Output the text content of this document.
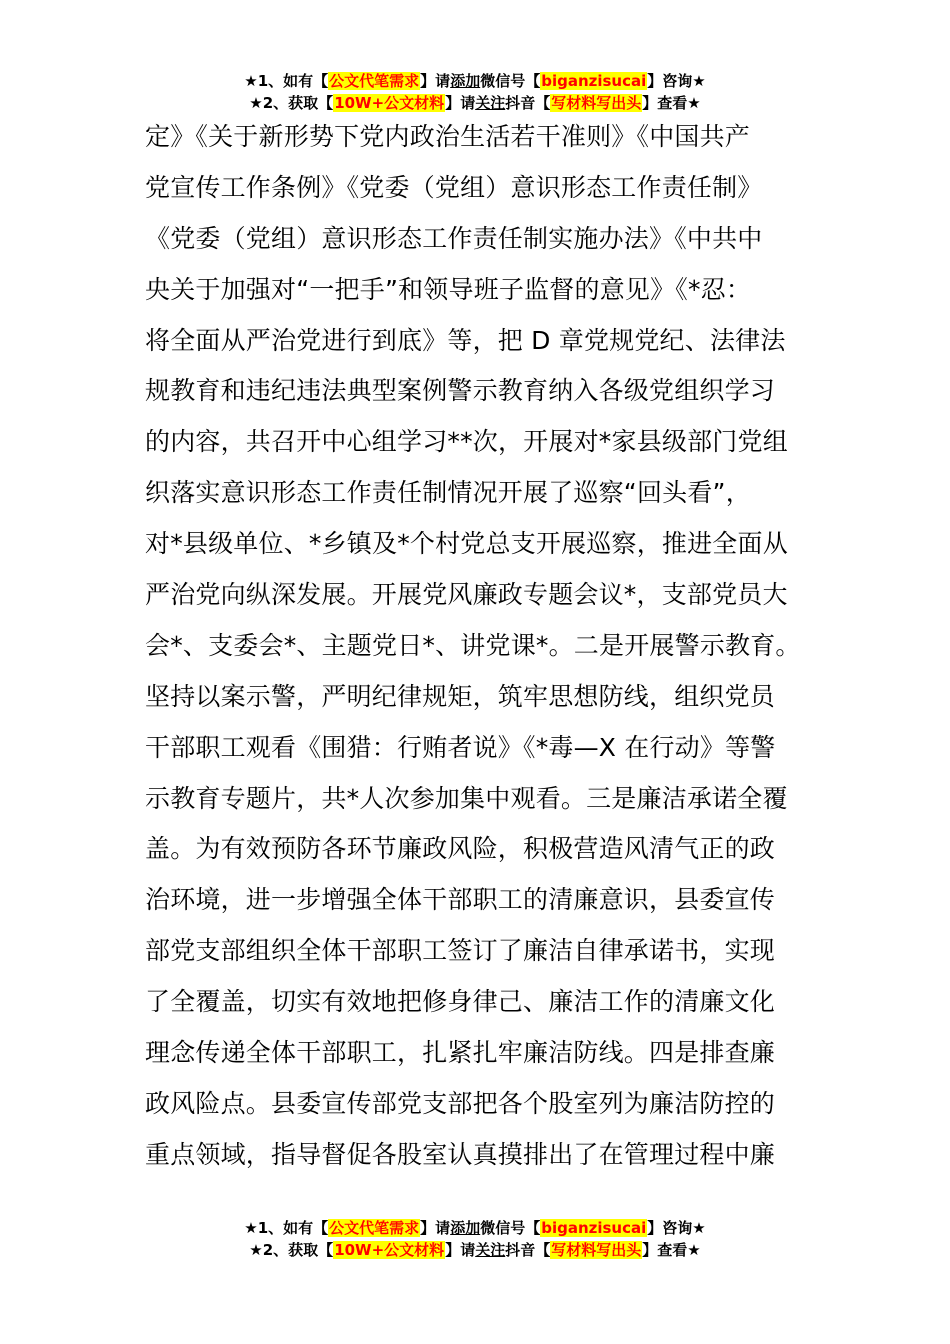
★1、如有【公文代笔需求】请添加微信号【biganzisucai】咨询★
★2、获取【10W+公文材料】请关注抖音【写材料写出头】查看★
定》《关于新形势下党内政治生活若干准则》《中国共产
党宣传工作条例》《党委（党组）意识形态工作责任制》
《党委（党组）意识形态工作责任制实施办法》《中共中
央关于加强对“一把手”和领导班子监督的意见》《*忍：
将全面从严治党进行到底》等，把 D 章党规党纪、法律法
规教育和违纪违法典型案例警示教育纳入各级党组织学习
的内容，共召开中心组学习**次，开展对*家县级部门党组
织落实意识形态工作责任制情况开展了巡察“回头看”，
对*县级单位、*乡镇及*个村党总支开展巡察，推进全面从
严治党向纵深发展。开展党风廉政专题会议*，支部党员大
会*、支委会*、主题党日*、讲党课*。二是开展警示教育。
坚持以案示警，严明纪律规矩，筑牢思想防线，组织党员
干部职工观看《围猎：行贿者说》《*毒—X 在行动》等警
示教育专题片，共*人次参加集中观看。三是廉洁承诺全覆
盖。为有效预防各环节廉政风险，积极营造风清气正的政
治环境，进一步增强全体干部职工的清廉意识，县委宣传
部党支部组织全体干部职工签订了廉洁自律承诺书，实现
了全覆盖，切实有效地把修身律己、廉洁工作的清廉文化
理念传递全体干部职工，扎紧扎牢廉洁防线。四是排查廉
政风险点。县委宣传部党支部把各个股室列为廉洁防控的
重点领域，指导督促各股室认真摸排出了在管理过程中廉
★1、如有【公文代笔需求】请添加微信号【biganzisucai】咨询★
★2、获取【10W+公文材料】请关注抖音【写材料写出头】查看★
